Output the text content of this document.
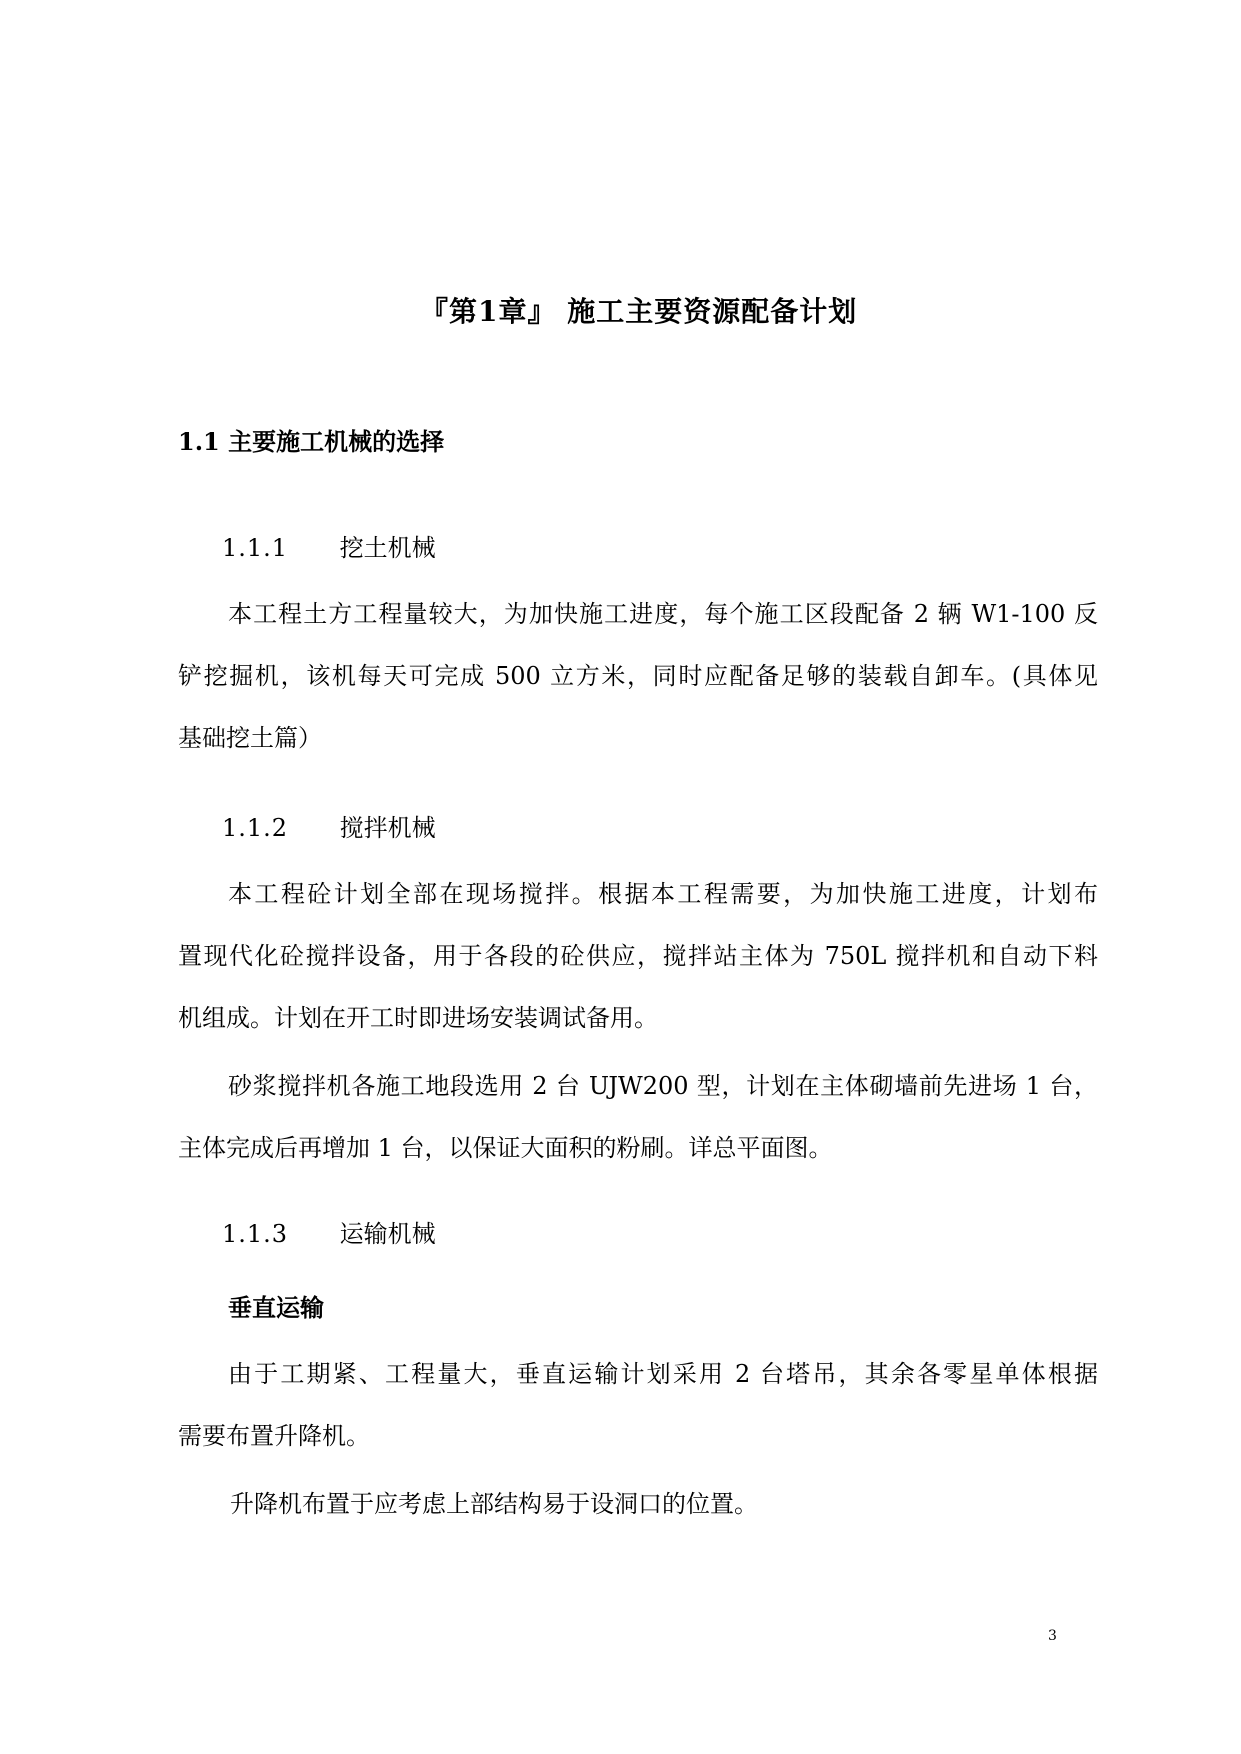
『第1章』 施工主要资源配备计划
1.1 主要施工机械的选择
1.1.1 挖土机械
本工程土方工程量较大，为加快施工进度，每个施工区段配备 2 辆 W1-100 反
铲挖掘机，该机每天可完成 500 立方米，同时应配备足够的装载自卸车。(具体见
基础挖土篇）
1.1.2 搅拌机械
本工程砼计划全部在现场搅拌。根据本工程需要，为加快施工进度，计划布
置现代化砼搅拌设备，用于各段的砼供应，搅拌站主体为 750L 搅拌机和自动下料
机组成。计划在开工时即进场安装调试备用。
砂浆搅拌机各施工地段选用 2 台 UJW200 型，计划在主体砌墙前先进场 1 台，
主体完成后再增加 1 台，以保证大面积的粉刷。详总平面图。
1.1.3 运输机械
垂直运输
由于工期紧、工程量大，垂直运输计划采用 2 台塔吊，其余各零星单体根据
需要布置升降机。
升降机布置于应考虑上部结构易于设洞口的位置。
3
